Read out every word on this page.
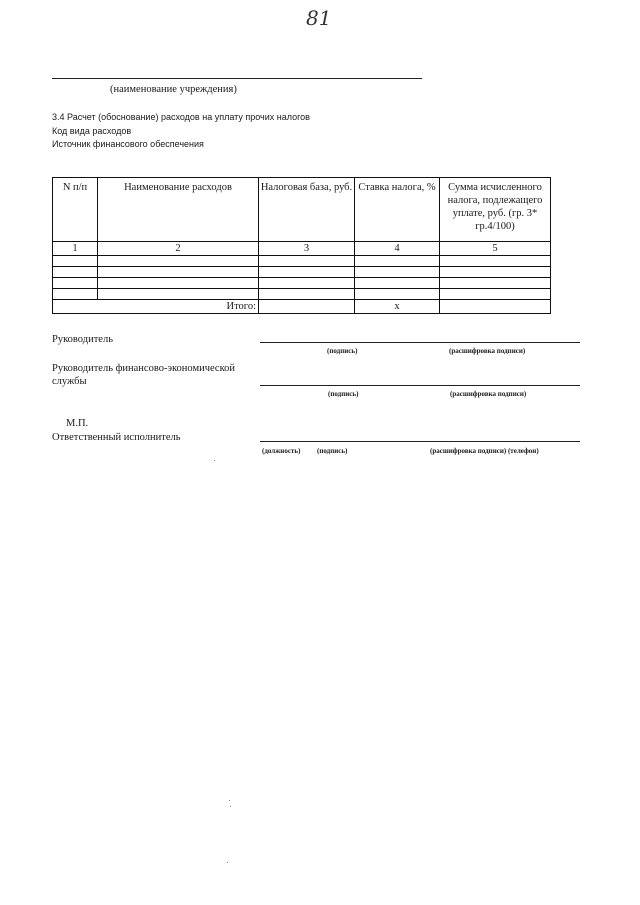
81
(наименование учреждения)
3.4 Расчет (обоснование) расходов на уплату прочих налогов
Код вида расходов
Источник финансового обеспечения
N п/п	Наименование расходов	Налоговая база, руб.	Ставка налога, %	Сумма исчисленного налога, подлежащего уплате, руб. (гр. 3* гр.4/100)
1	2	3	4	5

Итого:			x	
Руководитель
(подпись)	(расшифровка подписи)
Руководитель финансово-экономической службы
(подпись)	(расшифровка подписи)
М.П.
Ответственный исполнитель
(должность) (подпись)	(расшифровка подписи) (телефон)
